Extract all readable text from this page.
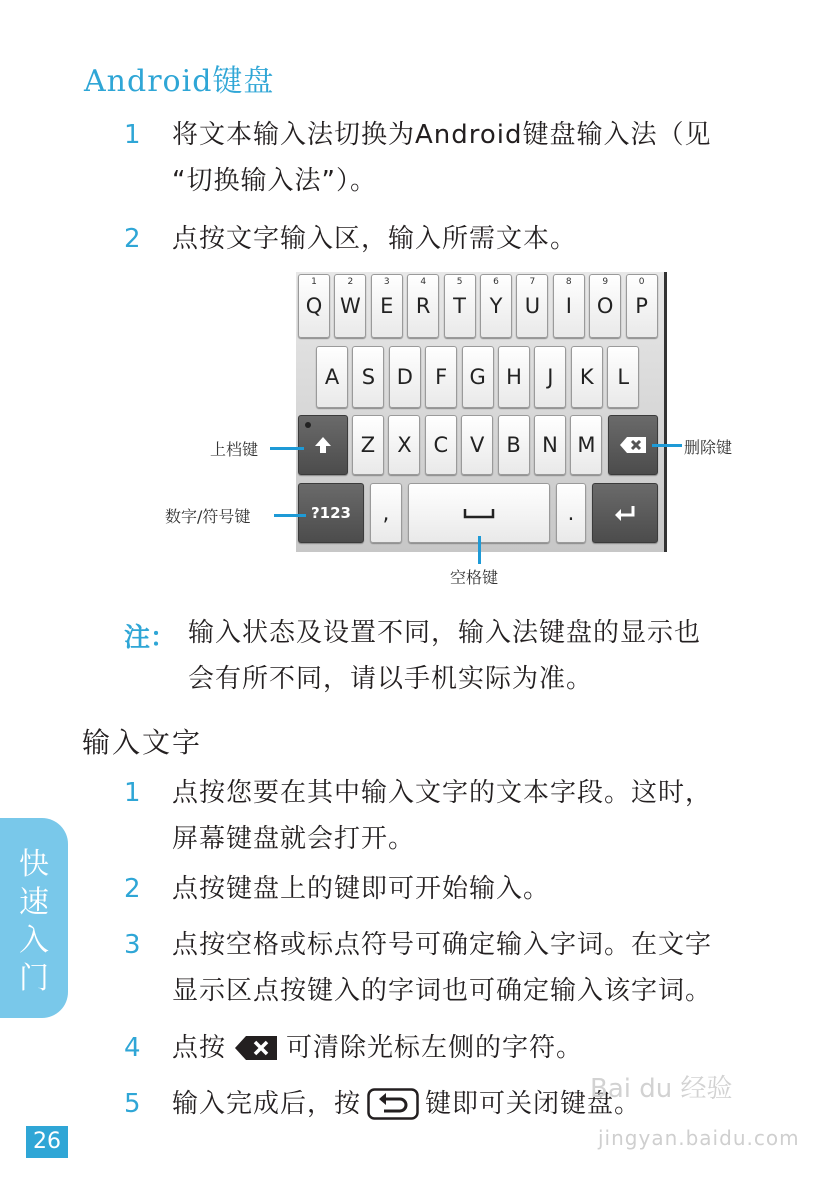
Android键盘
1	将文本输入法切换为Android键盘输入法（见
“切换输入法”）。
2	点按文字输入区，输入所需文本。
1
Q
2
W
3
E
4
R
5
T
6
Y
7
U
8
I
9
O
0
P
A	S	D	F	G H	J	K	L
Z	X	C	V	B	N M
?123	,	.
上档键	删除键
数字/符号键
空格键
注： 输入状态及设置不同，输入法键盘的显示也
会有所不同，请以手机实际为准。
输入文字
1	点按您要在其中输入文字的文本字段。这时，
屏幕键盘就会打开。
2	点按键盘上的键即可开始输入。
3	点按空格或标点符号可确定输入字词。在文字
显示区点按键入的字词也可确定输入该字词。
4	点按 可清除光标左侧的字符。
5	输入完成后，按 键即可关闭键盘。
快速入门
26
Bai du 经验
jingyan.baidu.com
